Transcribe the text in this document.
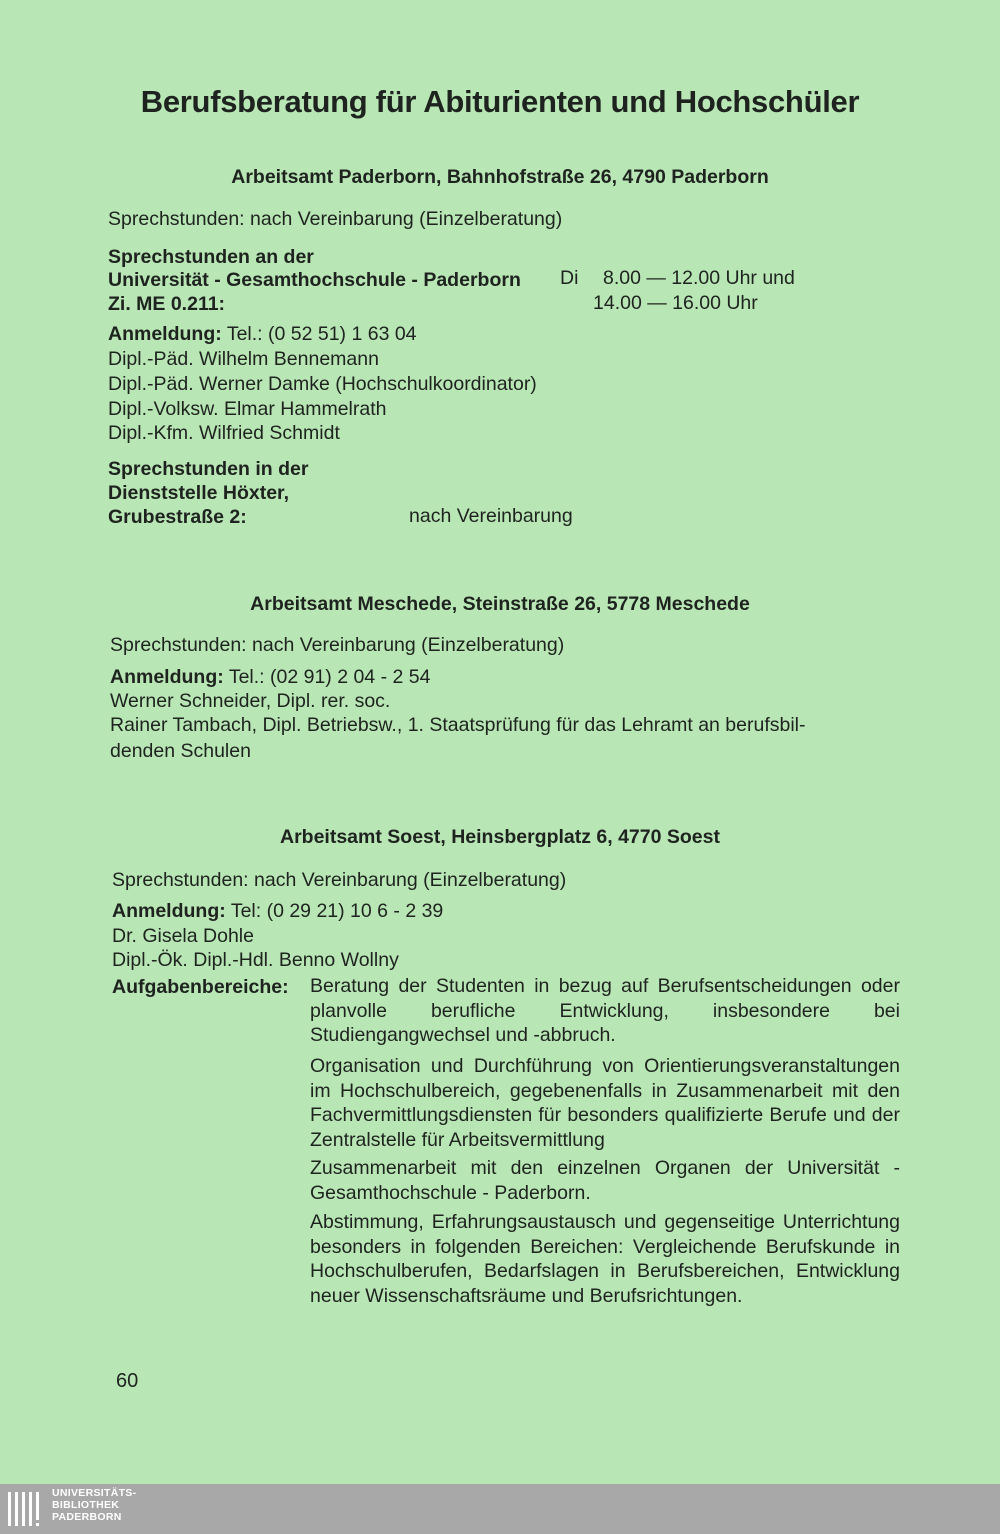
Berufsberatung für Abiturienten und Hochschüler
Arbeitsamt Paderborn, Bahnhofstraße 26, 4790 Paderborn
Sprechstunden: nach Vereinbarung (Einzelberatung)
Sprechstunden an der
Universität - Gesamthochschule - Paderborn
Zi. ME 0.211:
Di 8.00 — 12.00 Uhr und
14.00 — 16.00 Uhr
Anmeldung: Tel.: (0 52 51) 1 63 04
Dipl.-Päd. Wilhelm Bennemann
Dipl.-Päd. Werner Damke (Hochschulkoordinator)
Dipl.-Volksw. Elmar Hammelrath
Dipl.-Kfm. Wilfried Schmidt
Sprechstunden in der
Dienststelle Höxter,
Grubestraße 2:	nach Vereinbarung
Arbeitsamt Meschede, Steinstraße 26, 5778 Meschede
Sprechstunden: nach Vereinbarung (Einzelberatung)
Anmeldung: Tel.: (02 91) 2 04 - 2 54
Werner Schneider, Dipl. rer. soc.
Rainer Tambach, Dipl. Betriebsw., 1. Staatsprüfung für das Lehramt an berufsbil-
denden Schulen
Arbeitsamt Soest, Heinsbergplatz 6, 4770 Soest
Sprechstunden: nach Vereinbarung (Einzelberatung)
Anmeldung: Tel: (0 29 21) 10 6 - 2 39
Dr. Gisela Dohle
Dipl.-Ök. Dipl.-Hdl. Benno Wollny
Aufgabenbereiche: Beratung der Studenten in bezug auf Berufsentscheidungen oder planvolle berufliche Entwicklung, insbesondere bei Studiengangwechsel und -abbruch.
Organisation und Durchführung von Orientierungsveranstaltungen im Hochschulbereich, gegebenenfalls in Zusammenarbeit mit den Fachvermittlungsdiensten für besonders qualifizierte Berufe und der Zentralstelle für Arbeitsvermittlung
Zusammenarbeit mit den einzelnen Organen der Universität - Gesamthochschule - Paderborn.
Abstimmung, Erfahrungsaustausch und gegenseitige Unterrichtung besonders in folgenden Bereichen: Vergleichende Berufskunde in Hochschulberufen, Bedarfslagen in Berufsbereichen, Entwicklung neuer Wissenschaftsräume und Berufsrichtungen.
60
UNIVERSITÄTS-
BIBLIOTHEK
PADERBORN
